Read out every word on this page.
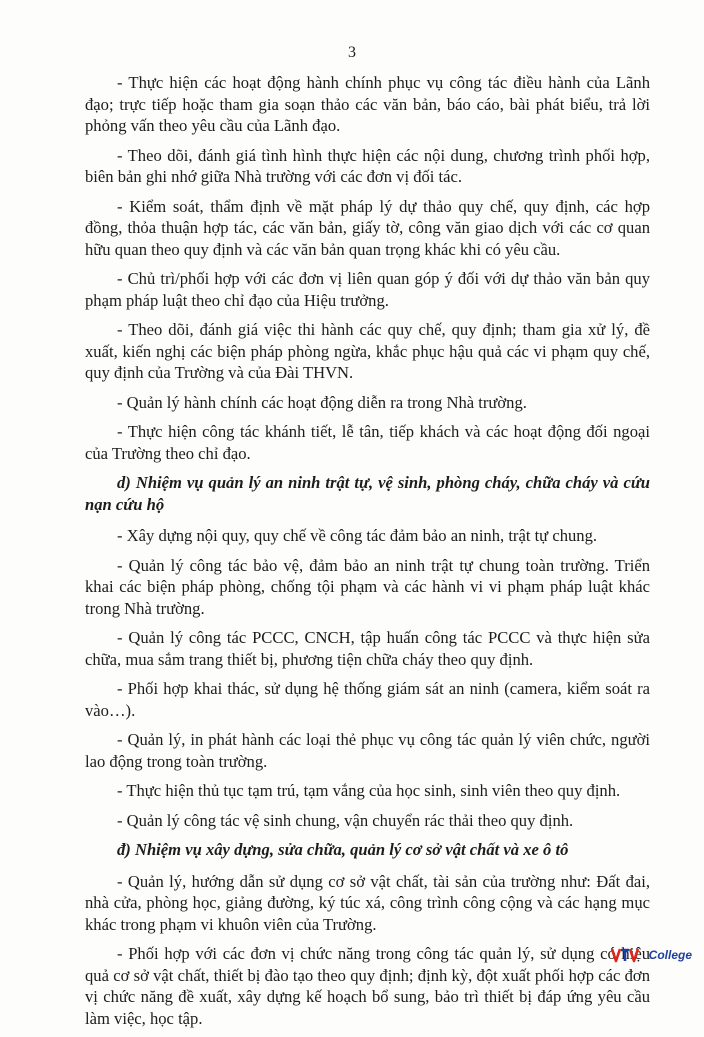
3

- Thực hiện các hoạt động hành chính phục vụ công tác điều hành của Lãnh đạo; trực tiếp hoặc tham gia soạn thảo các văn bản, báo cáo, bài phát biểu, trả lời phỏng vấn theo yêu cầu của Lãnh đạo.

- Theo dõi, đánh giá tình hình thực hiện các nội dung, chương trình phối hợp, biên bản ghi nhớ giữa Nhà trường với các đơn vị đối tác.

- Kiểm soát, thẩm định về mặt pháp lý dự thảo quy chế, quy định, các hợp đồng, thỏa thuận hợp tác, các văn bản, giấy tờ, công văn giao dịch với các cơ quan hữu quan theo quy định và các văn bản quan trọng khác khi có yêu cầu.

- Chủ trì/phối hợp với các đơn vị liên quan góp ý đối với dự thảo văn bản quy phạm pháp luật theo chỉ đạo của Hiệu trưởng.

- Theo dõi, đánh giá việc thi hành các quy chế, quy định; tham gia xử lý, đề xuất, kiến nghị các biện pháp phòng ngừa, khắc phục hậu quả các vi phạm quy chế, quy định của Trường và của Đài THVN.

- Quản lý hành chính các hoạt động diễn ra trong Nhà trường.

- Thực hiện công tác khánh tiết, lễ tân, tiếp khách và các hoạt động đối ngoại của Trường theo chỉ đạo.

d) Nhiệm vụ quản lý an ninh trật tự, vệ sinh, phòng cháy, chữa cháy và cứu nạn cứu hộ

- Xây dựng nội quy, quy chế về công tác đảm bảo an ninh, trật tự chung.

- Quản lý công tác bảo vệ, đảm bảo an ninh trật tự chung toàn trường. Triển khai các biện pháp phòng, chống tội phạm và các hành vi vi phạm pháp luật khác trong Nhà trường.

- Quản lý công tác PCCC, CNCH, tập huấn công tác PCCC và thực hiện sửa chữa, mua sắm trang thiết bị, phương tiện chữa cháy theo quy định.

- Phối hợp khai thác, sử dụng hệ thống giám sát an ninh (camera, kiểm soát ra vào…).

- Quản lý, in phát hành các loại thẻ phục vụ công tác quản lý viên chức, người lao động trong toàn trường.

- Thực hiện thủ tục tạm trú, tạm vắng của học sinh, sinh viên theo quy định.

- Quản lý công tác vệ sinh chung, vận chuyển rác thải theo quy định.

đ) Nhiệm vụ xây dựng, sửa chữa, quản lý cơ sở vật chất và xe ô tô

- Quản lý, hướng dẫn sử dụng cơ sở vật chất, tài sản của trường như: Đất đai, nhà cửa, phòng học, giảng đường, ký túc xá, công trình công cộng và các hạng mục khác trong phạm vi khuôn viên của Trường.

- Phối hợp với các đơn vị chức năng trong công tác quản lý, sử dụng có hiệu quả cơ sở vật chất, thiết bị đào tạo theo quy định; định kỳ, đột xuất phối hợp các đơn vị chức năng đề xuất, xây dựng kế hoạch bổ sung, bảo trì thiết bị đáp ứng yêu cầu làm việc, học tập.

College
